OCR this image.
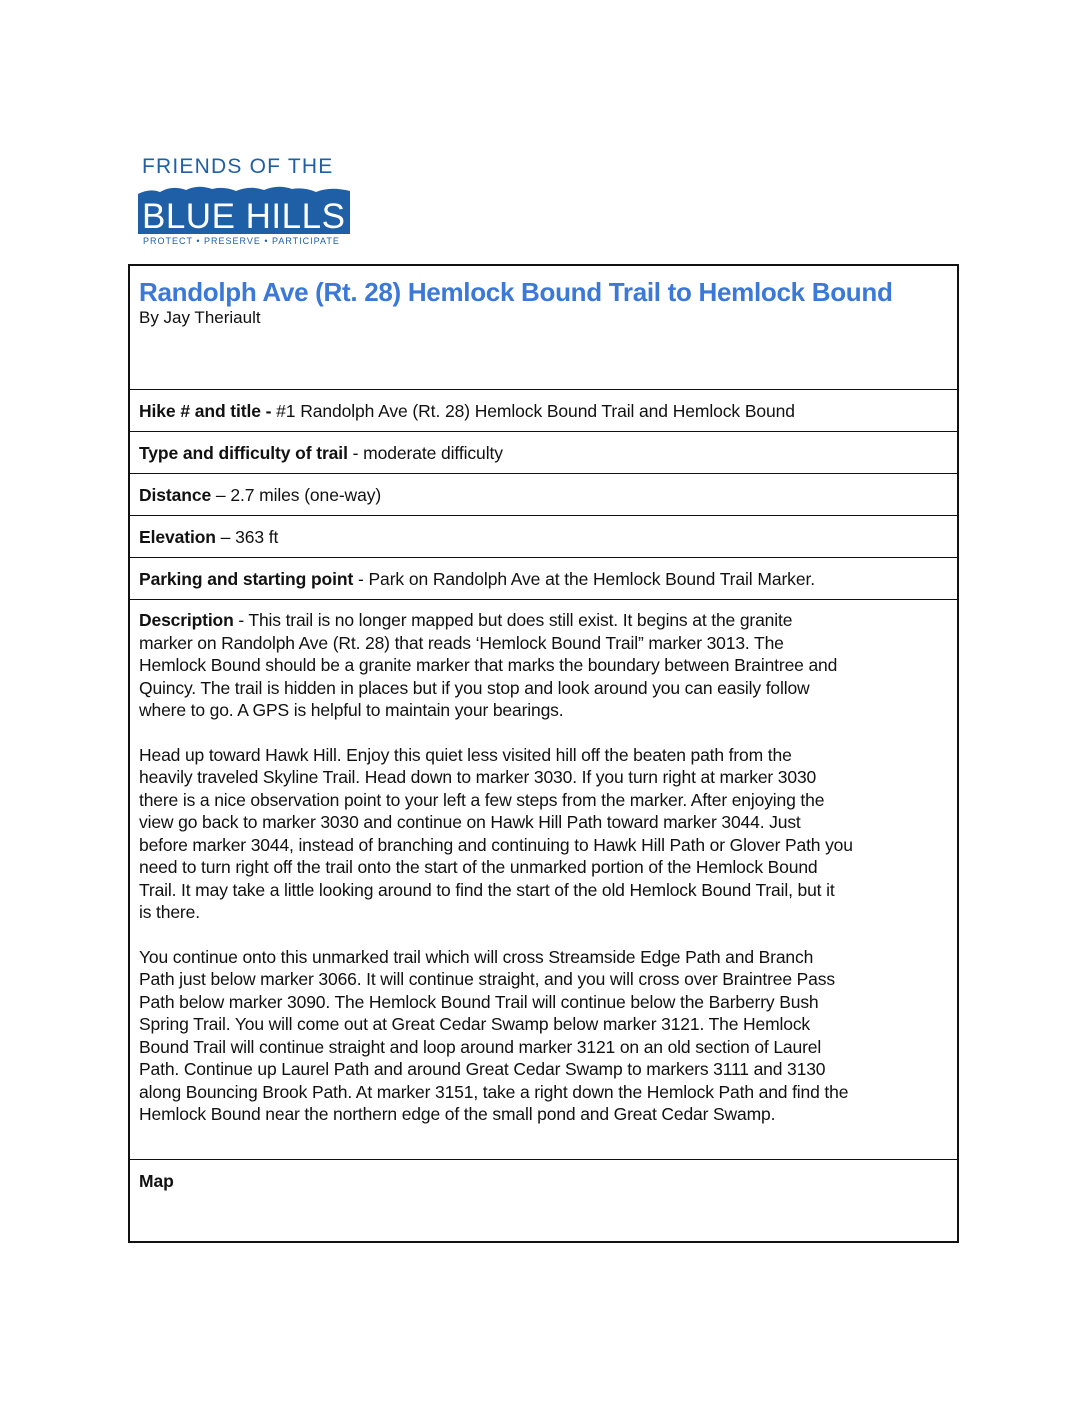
FRIENDS OF THE
BLUE HILLS
PROTECT • PRESERVE • PARTICIPATE
Randolph Ave (Rt. 28) Hemlock Bound Trail to Hemlock Bound
By Jay Theriault
Hike # and title - #1 Randolph Ave (Rt. 28) Hemlock Bound Trail and Hemlock Bound
Type and difficulty of trail - moderate difficulty
Distance – 2.7 miles (one-way)
Elevation – 363 ft
Parking and starting point - Park on Randolph Ave at the Hemlock Bound Trail Marker.

Description - This trail is no longer mapped but does still exist. It begins at the granite
marker on Randolph Ave (Rt. 28) that reads ‘Hemlock Bound Trail” marker 3013. The
Hemlock Bound should be a granite marker that marks the boundary between Braintree and
Quincy. The trail is hidden in places but if you stop and look around you can easily follow
where to go. A GPS is helpful to maintain your bearings.

Head up toward Hawk Hill. Enjoy this quiet less visited hill off the beaten path from the
heavily traveled Skyline Trail. Head down to marker 3030. If you turn right at marker 3030
there is a nice observation point to your left a few steps from the marker. After enjoying the
view go back to marker 3030 and continue on Hawk Hill Path toward marker 3044. Just
before marker 3044, instead of branching and continuing to Hawk Hill Path or Glover Path you
need to turn right off the trail onto the start of the unmarked portion of the Hemlock Bound
Trail. It may take a little looking around to find the start of the old Hemlock Bound Trail, but it
is there.

You continue onto this unmarked trail which will cross Streamside Edge Path and Branch
Path just below marker 3066. It will continue straight, and you will cross over Braintree Pass
Path below marker 3090. The Hemlock Bound Trail will continue below the Barberry Bush
Spring Trail. You will come out at Great Cedar Swamp below marker 3121. The Hemlock
Bound Trail will continue straight and loop around marker 3121 on an old section of Laurel
Path. Continue up Laurel Path and around Great Cedar Swamp to markers 3111 and 3130
along Bouncing Brook Path. At marker 3151, take a right down the Hemlock Path and find the
Hemlock Bound near the northern edge of the small pond and Great Cedar Swamp.

Map
